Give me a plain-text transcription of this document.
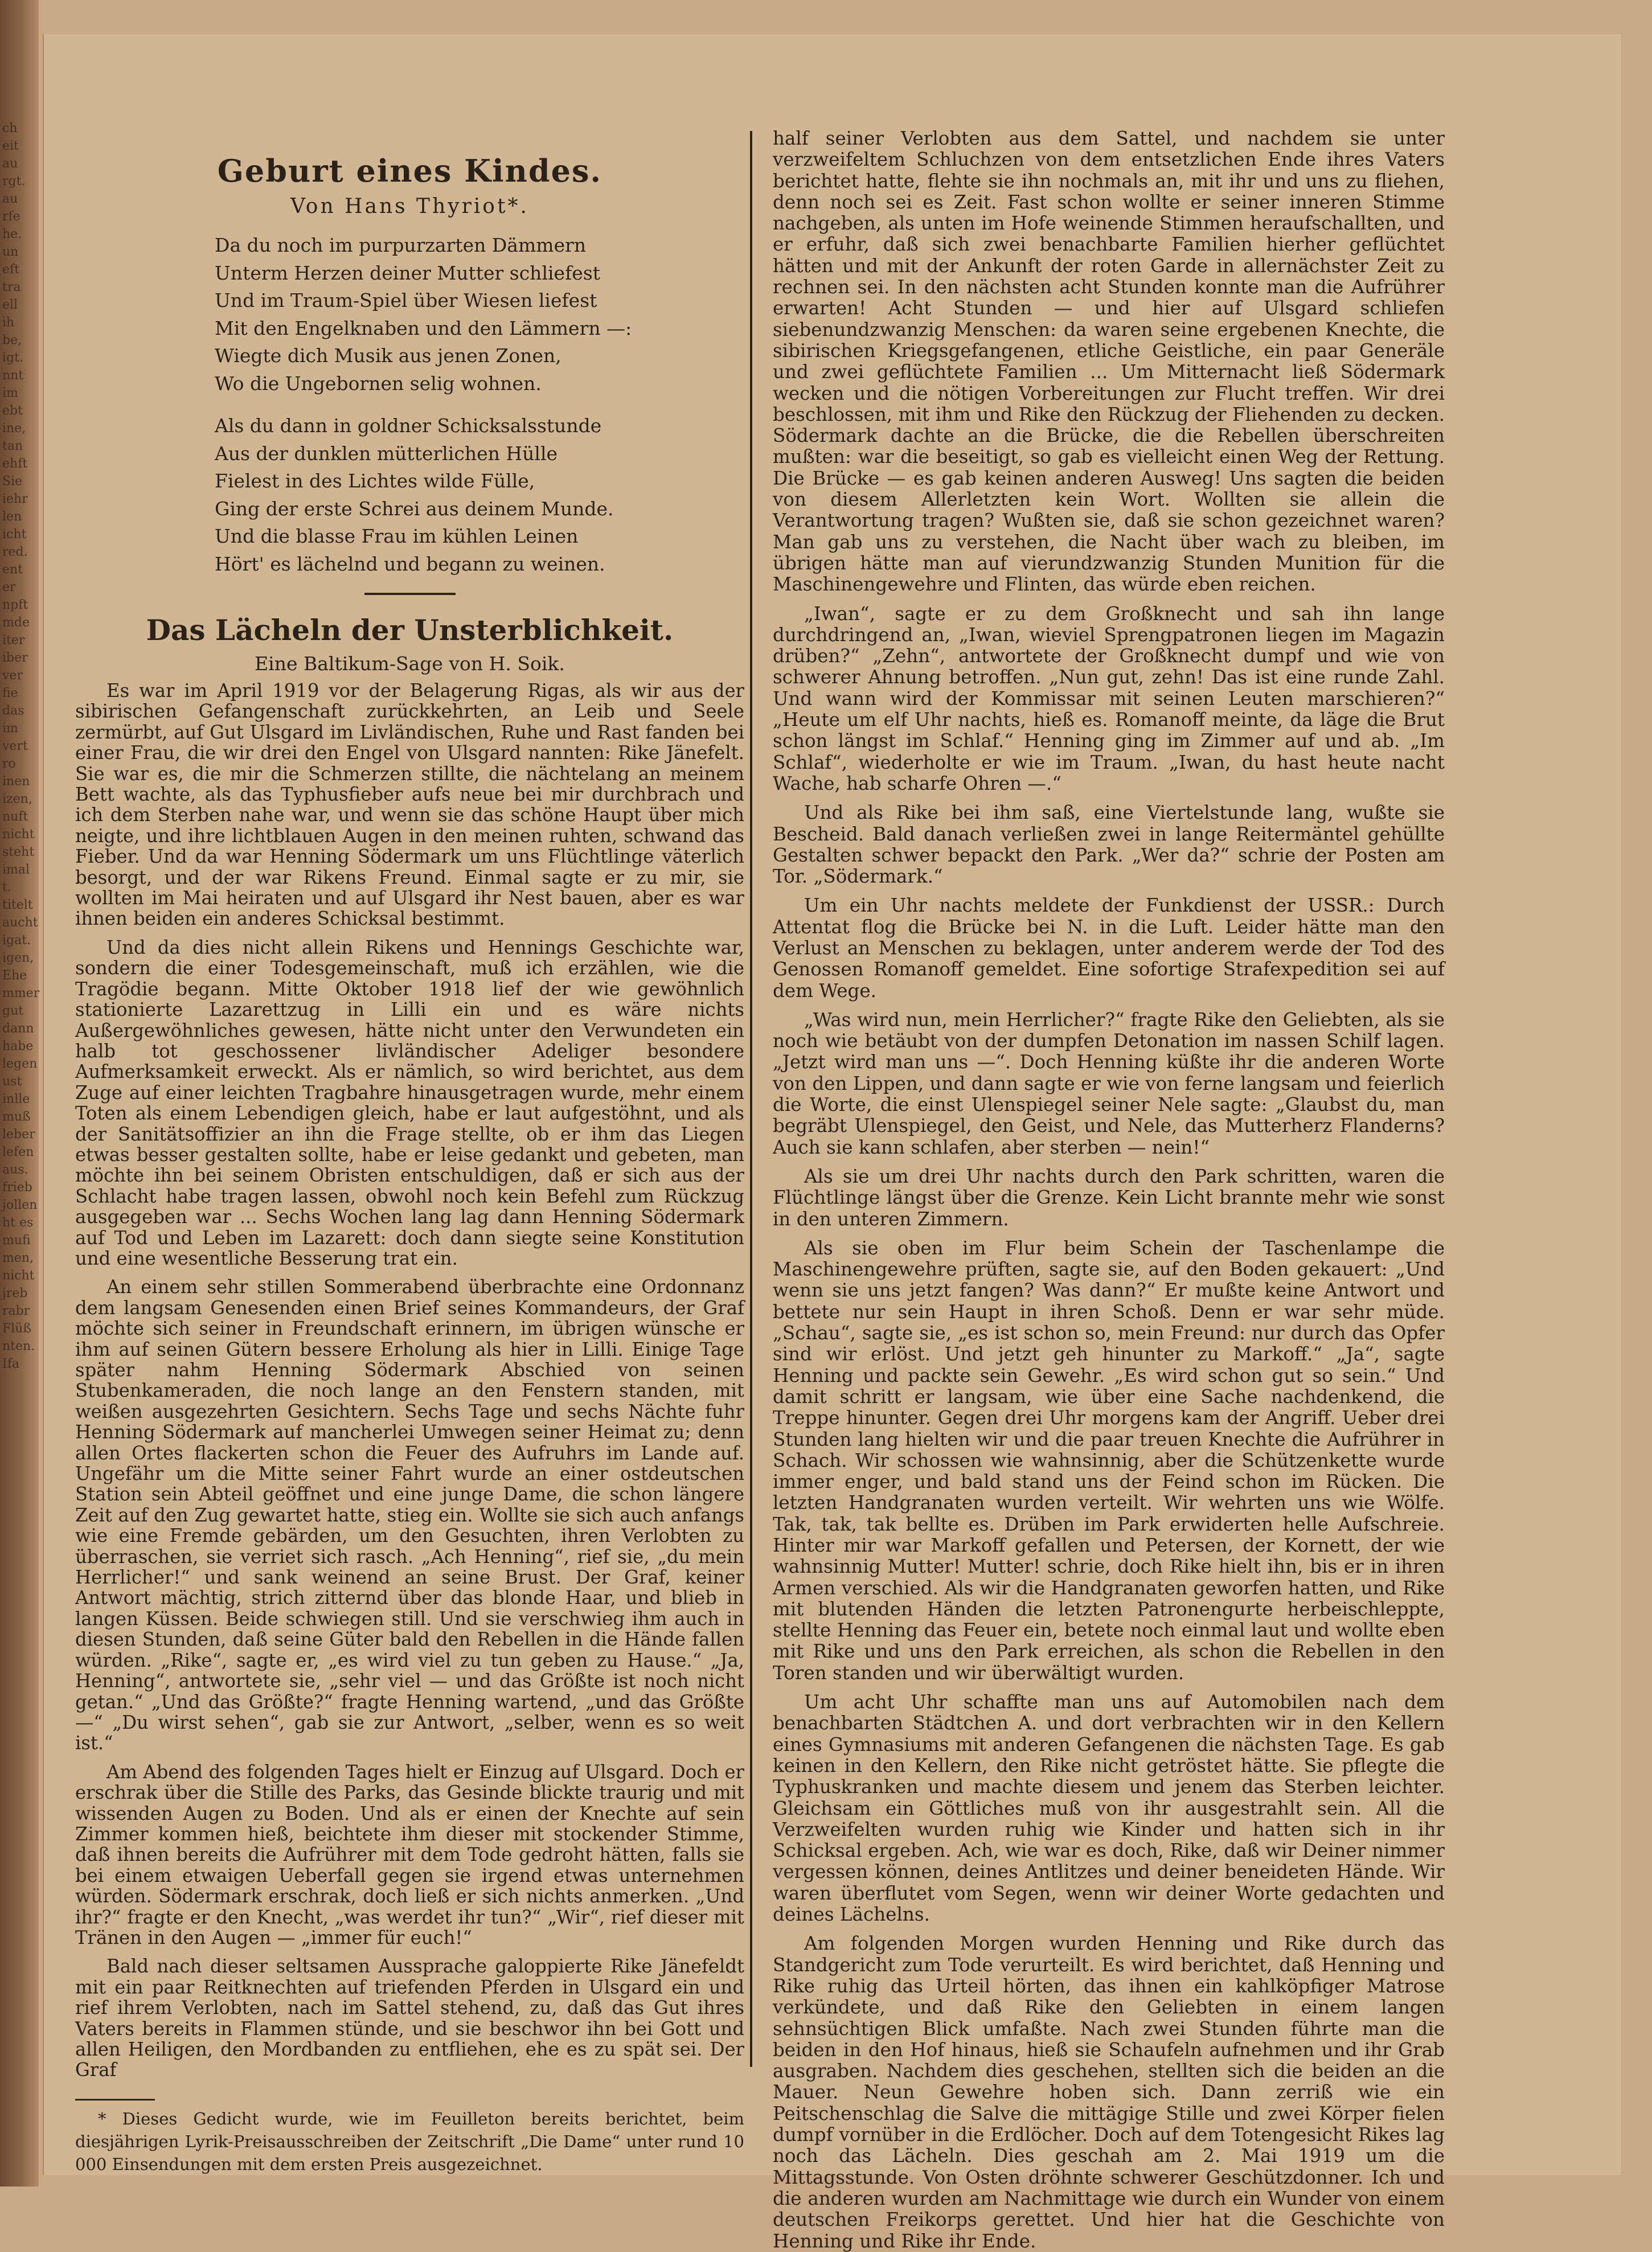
ch
eit
au
rgt.
au
rfe
he.
un
eft
tra
ell
ih
be,
igt.
nnt
im
ebt
ine,
tan
ehft
Sie
iehr
len
icht
red.
ent
er
npft
mde
iter
iber
ver
fie
das
im
vert
ro
inen
izen,
nuft
nicht
steht
imal
t.
titelt
aucht
igat.
igen,
Ehe
mmer
gut
dann
habe
legen
ust
inlle
muß
leber
lefen
aus.
frieb
jollen
ht es
mufi
men,
nicht
jreb
rabr
Flüß
nten.
Ifa
Geburt eines Kindes.
Von Hans Thyriot*.
Da du noch im purpurzarten Dämmern
Unterm Herzen deiner Mutter schliefest
Und im Traum-Spiel über Wiesen liefest
Mit den Engelknaben und den Lämmern —:
Wiegte dich Musik aus jenen Zonen,
Wo die Ungebornen selig wohnen.
Als du dann in goldner Schicksalsstunde
Aus der dunklen mütterlichen Hülle
Fielest in des Lichtes wilde Fülle,
Ging der erste Schrei aus deinem Munde.
Und die blasse Frau im kühlen Leinen
Hört' es lächelnd und begann zu weinen.
Das Lächeln der Unsterblichkeit.
Eine Baltikum-Sage von H. Soik.

Es war im April 1919 vor der Belagerung Rigas, als wir aus der sibirischen Gefangenschaft zurückkehrten, an Leib und Seele zermürbt, auf Gut Ulsgard im Livländischen, Ruhe und Rast fanden bei einer Frau, die wir drei den Engel von Ulsgard nannten: Rike Jänefelt. Sie war es, die mir die Schmerzen stillte, die nächtelang an meinem Bett wachte, als das Typhusfieber aufs neue bei mir durchbrach und ich dem Sterben nahe war, und wenn sie das schöne Haupt über mich neigte, und ihre lichtblauen Augen in den meinen ruhten, schwand das Fieber. Und da war Henning Södermark um uns Flüchtlinge väterlich besorgt, und der war Rikens Freund. Einmal sagte er zu mir, sie wollten im Mai heiraten und auf Ulsgard ihr Nest bauen, aber es war ihnen beiden ein anderes Schicksal bestimmt.

Und da dies nicht allein Rikens und Hennings Geschichte war, sondern die einer Todesgemeinschaft, muß ich erzählen, wie die Tragödie begann. Mitte Oktober 1918 lief der wie gewöhnlich stationierte Lazarettzug in Lilli ein und es wäre nichts Außergewöhnliches gewesen, hätte nicht unter den Verwundeten ein halb tot geschossener livländischer Adeliger besondere Aufmerksamkeit erweckt. Als er nämlich, so wird berichtet, aus dem Zuge auf einer leichten Tragbahre hinausgetragen wurde, mehr einem Toten als einem Lebendigen gleich, habe er laut aufgestöhnt, und als der Sanitätsoffizier an ihn die Frage stellte, ob er ihm das Liegen etwas besser gestalten sollte, habe er leise gedankt und gebeten, man möchte ihn bei seinem Obristen entschuldigen, daß er sich aus der Schlacht habe tragen lassen, obwohl noch kein Befehl zum Rückzug ausgegeben war ... Sechs Wochen lang lag dann Henning Södermark auf Tod und Leben im Lazarett: doch dann siegte seine Konstitution und eine wesentliche Besserung trat ein.

An einem sehr stillen Sommerabend überbrachte eine Ordonnanz dem langsam Genesenden einen Brief seines Kommandeurs, der Graf möchte sich seiner in Freundschaft erinnern, im übrigen wünsche er ihm auf seinen Gütern bessere Erholung als hier in Lilli. Einige Tage später nahm Henning Södermark Abschied von seinen Stubenkameraden, die noch lange an den Fenstern standen, mit weißen ausgezehrten Gesichtern. Sechs Tage und sechs Nächte fuhr Henning Södermark auf mancherlei Umwegen seiner Heimat zu; denn allen Ortes flackerten schon die Feuer des Aufruhrs im Lande auf. Ungefähr um die Mitte seiner Fahrt wurde an einer ostdeutschen Station sein Abteil geöffnet und eine junge Dame, die schon längere Zeit auf den Zug gewartet hatte, stieg ein. Wollte sie sich auch anfangs wie eine Fremde gebärden, um den Gesuchten, ihren Verlobten zu überraschen, sie verriet sich rasch. „Ach Henning“, rief sie, „du mein Herrlicher!“ und sank weinend an seine Brust. Der Graf, keiner Antwort mächtig, strich zitternd über das blonde Haar, und blieb in langen Küssen. Beide schwiegen still. Und sie verschwieg ihm auch in diesen Stunden, daß seine Güter bald den Rebellen in die Hände fallen würden. „Rike“, sagte er, „es wird viel zu tun geben zu Hause.“ „Ja, Henning“, antwortete sie, „sehr viel — und das Größte ist noch nicht getan.“ „Und das Größte?“ fragte Henning wartend, „und das Größte —“ „Du wirst sehen“, gab sie zur Antwort, „selber, wenn es so weit ist.“

Am Abend des folgenden Tages hielt er Einzug auf Ulsgard. Doch er erschrak über die Stille des Parks, das Gesinde blickte traurig und mit wissenden Augen zu Boden. Und als er einen der Knechte auf sein Zimmer kommen hieß, beichtete ihm dieser mit stockender Stimme, daß ihnen bereits die Aufrührer mit dem Tode gedroht hätten, falls sie bei einem etwaigen Ueberfall gegen sie irgend etwas unternehmen würden. Södermark erschrak, doch ließ er sich nichts anmerken. „Und ihr?“ fragte er den Knecht, „was werdet ihr tun?“ „Wir“, rief dieser mit Tränen in den Augen — „immer für euch!“

Bald nach dieser seltsamen Aussprache galoppierte Rike Jänefeldt mit ein paar Reitknechten auf triefenden Pferden in Ulsgard ein und rief ihrem Verlobten, nach im Sattel stehend, zu, daß das Gut ihres Vaters bereits in Flammen stünde, und sie beschwor ihn bei Gott und allen Heiligen, den Mordbanden zu entfliehen, ehe es zu spät sei. Der Graf

* Dieses Gedicht wurde, wie im Feuilleton bereits berichtet, beim diesjährigen Lyrik-Preisausschreiben der Zeitschrift „Die Dame“ unter rund 10 000 Einsendungen mit dem ersten Preis ausgezeichnet.

half seiner Verlobten aus dem Sattel, und nachdem sie unter verzweifeltem Schluchzen von dem entsetzlichen Ende ihres Vaters berichtet hatte, flehte sie ihn nochmals an, mit ihr und uns zu fliehen, denn noch sei es Zeit. Fast schon wollte er seiner inneren Stimme nachgeben, als unten im Hofe weinende Stimmen heraufschallten, und er erfuhr, daß sich zwei benachbarte Familien hierher geflüchtet hätten und mit der Ankunft der roten Garde in allernächster Zeit zu rechnen sei. In den nächsten acht Stunden konnte man die Aufrührer erwarten! Acht Stunden — und hier auf Ulsgard schliefen siebenundzwanzig Menschen: da waren seine ergebenen Knechte, die sibirischen Kriegsgefangenen, etliche Geistliche, ein paar Generäle und zwei geflüchtete Familien ... Um Mitternacht ließ Södermark wecken und die nötigen Vorbereitungen zur Flucht treffen. Wir drei beschlossen, mit ihm und Rike den Rückzug der Fliehenden zu decken. Södermark dachte an die Brücke, die die Rebellen überschreiten mußten: war die beseitigt, so gab es vielleicht einen Weg der Rettung. Die Brücke — es gab keinen anderen Ausweg! Uns sagten die beiden von diesem Allerletzten kein Wort. Wollten sie allein die Verantwortung tragen? Wußten sie, daß sie schon gezeichnet waren? Man gab uns zu verstehen, die Nacht über wach zu bleiben, im übrigen hätte man auf vierundzwanzig Stunden Munition für die Maschinengewehre und Flinten, das würde eben reichen.

„Iwan“, sagte er zu dem Großknecht und sah ihn lange durchdringend an, „Iwan, wieviel Sprengpatronen liegen im Magazin drüben?“ „Zehn“, antwortete der Großknecht dumpf und wie von schwerer Ahnung betroffen. „Nun gut, zehn! Das ist eine runde Zahl. Und wann wird der Kommissar mit seinen Leuten marschieren?“ „Heute um elf Uhr nachts, hieß es. Romanoff meinte, da läge die Brut schon längst im Schlaf.“ Henning ging im Zimmer auf und ab. „Im Schlaf“, wiederholte er wie im Traum. „Iwan, du hast heute nacht Wache, hab scharfe Ohren —.“

Und als Rike bei ihm saß, eine Viertelstunde lang, wußte sie Bescheid. Bald danach verließen zwei in lange Reitermäntel gehüllte Gestalten schwer bepackt den Park. „Wer da?“ schrie der Posten am Tor. „Södermark.“

Um ein Uhr nachts meldete der Funkdienst der USSR.: Durch Attentat flog die Brücke bei N. in die Luft. Leider hätte man den Verlust an Menschen zu beklagen, unter anderem werde der Tod des Genossen Romanoff gemeldet. Eine sofortige Strafexpedition sei auf dem Wege.

„Was wird nun, mein Herrlicher?“ fragte Rike den Geliebten, als sie noch wie betäubt von der dumpfen Detonation im nassen Schilf lagen. „Jetzt wird man uns —“. Doch Henning küßte ihr die anderen Worte von den Lippen, und dann sagte er wie von ferne langsam und feierlich die Worte, die einst Ulenspiegel seiner Nele sagte: „Glaubst du, man begräbt Ulenspiegel, den Geist, und Nele, das Mutterherz Flanderns? Auch sie kann schlafen, aber sterben — nein!“

Als sie um drei Uhr nachts durch den Park schritten, waren die Flüchtlinge längst über die Grenze. Kein Licht brannte mehr wie sonst in den unteren Zimmern.

Als sie oben im Flur beim Schein der Taschenlampe die Maschinengewehre prüften, sagte sie, auf den Boden gekauert: „Und wenn sie uns jetzt fangen? Was dann?“ Er mußte keine Antwort und bettete nur sein Haupt in ihren Schoß. Denn er war sehr müde. „Schau“, sagte sie, „es ist schon so, mein Freund: nur durch das Opfer sind wir erlöst. Und jetzt geh hinunter zu Markoff.“ „Ja“, sagte Henning und packte sein Gewehr. „Es wird schon gut so sein.“ Und damit schritt er langsam, wie über eine Sache nachdenkend, die Treppe hinunter. Gegen drei Uhr morgens kam der Angriff. Ueber drei Stunden lang hielten wir und die paar treuen Knechte die Aufrührer in Schach. Wir schossen wie wahnsinnig, aber die Schützenkette wurde immer enger, und bald stand uns der Feind schon im Rücken. Die letzten Handgranaten wurden verteilt. Wir wehrten uns wie Wölfe. Tak, tak, tak bellte es. Drüben im Park erwiderten helle Aufschreie. Hinter mir war Markoff gefallen und Petersen, der Kornett, der wie wahnsinnig Mutter! Mutter! schrie, doch Rike hielt ihn, bis er in ihren Armen verschied. Als wir die Handgranaten geworfen hatten, und Rike mit blutenden Händen die letzten Patronengurte herbeischleppte, stellte Henning das Feuer ein, betete noch einmal laut und wollte eben mit Rike und uns den Park erreichen, als schon die Rebellen in den Toren standen und wir überwältigt wurden.

Um acht Uhr schaffte man uns auf Automobilen nach dem benachbarten Städtchen A. und dort verbrachten wir in den Kellern eines Gymnasiums mit anderen Gefangenen die nächsten Tage. Es gab keinen in den Kellern, den Rike nicht getröstet hätte. Sie pflegte die Typhuskranken und machte diesem und jenem das Sterben leichter. Gleichsam ein Göttliches muß von ihr ausgestrahlt sein. All die Verzweifelten wurden ruhig wie Kinder und hatten sich in ihr Schicksal ergeben. Ach, wie war es doch, Rike, daß wir Deiner nimmer vergessen können, deines Antlitzes und deiner beneideten Hände. Wir waren überflutet vom Segen, wenn wir deiner Worte gedachten und deines Lächelns.

Am folgenden Morgen wurden Henning und Rike durch das Standgericht zum Tode verurteilt. Es wird berichtet, daß Henning und Rike ruhig das Urteil hörten, das ihnen ein kahlköpfiger Matrose verkündete, und daß Rike den Geliebten in einem langen sehnsüchtigen Blick umfaßte. Nach zwei Stunden führte man die beiden in den Hof hinaus, hieß sie Schaufeln aufnehmen und ihr Grab ausgraben. Nachdem dies geschehen, stellten sich die beiden an die Mauer. Neun Gewehre hoben sich. Dann zerriß wie ein Peitschenschlag die Salve die mittägige Stille und zwei Körper fielen dumpf vornüber in die Erdlöcher. Doch auf dem Totengesicht Rikes lag noch das Lächeln. Dies geschah am 2. Mai 1919 um die Mittagsstunde. Von Osten dröhnte schwerer Geschützdonner. Ich und die anderen wurden am Nachmittage wie durch ein Wunder von einem deutschen Freikorps gerettet. Und hier hat die Geschichte von Henning und Rike ihr Ende.
